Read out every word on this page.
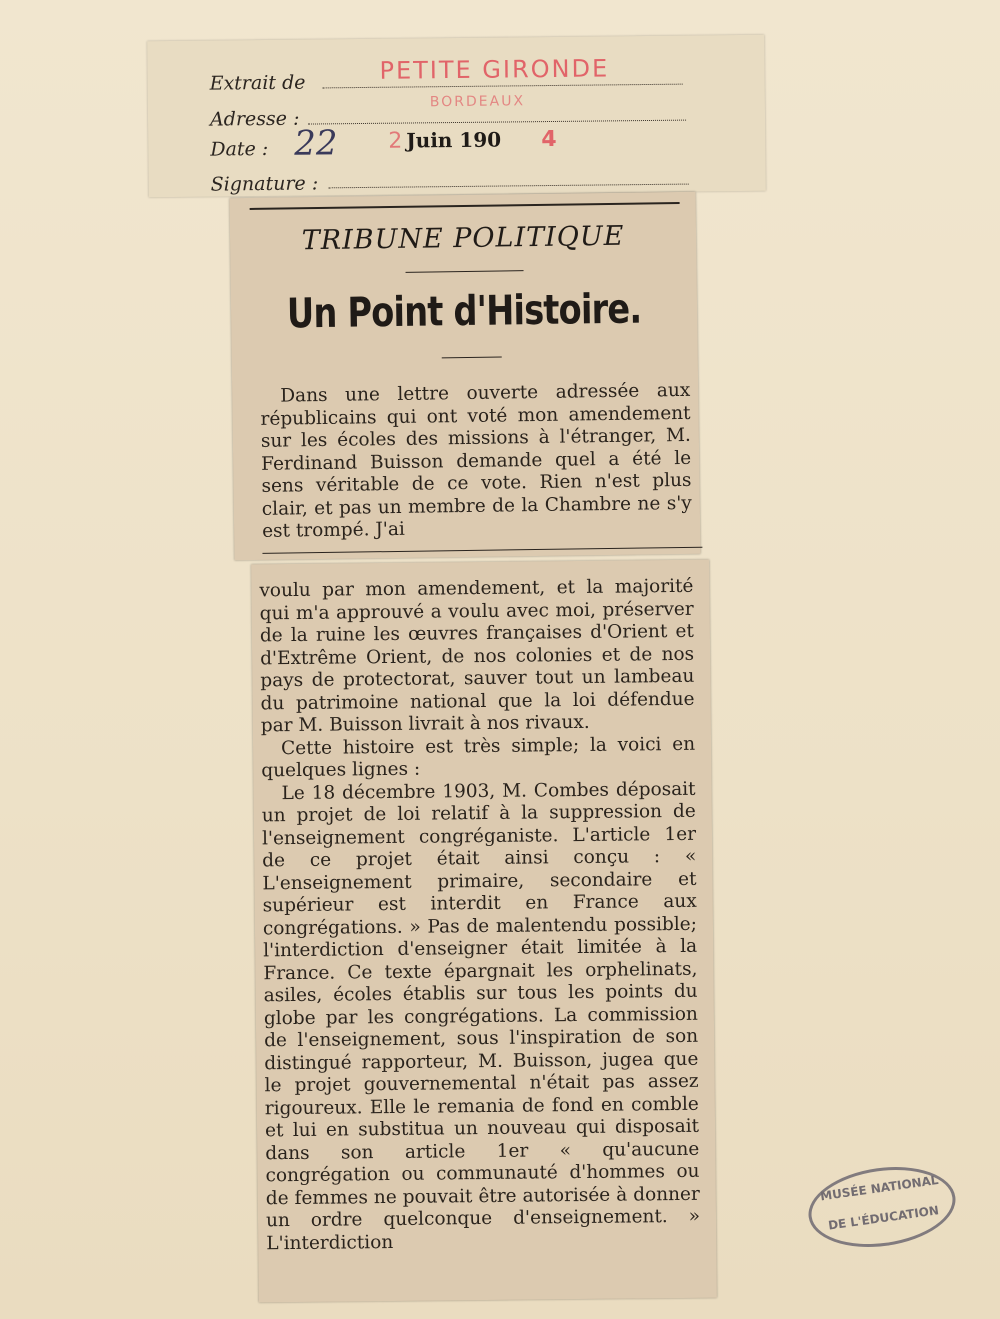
Extrait de	PETITE GIRONDE
Adresse :
BORDEAUX
Date : 22 2 Juin 190 4
Signature :
TRIBUNE POLITIQUE
Un Point d'Histoire.
Dans une lettre ouverte adressée aux républicains qui ont voté mon amendement sur les écoles des missions à l'étranger, M. Ferdinand Buisson demande quel a été le sens véritable de ce vote. Rien n'est plus clair, et pas un membre de la Chambre ne s'y est trompé. J'ai

voulu par mon amendement, et la majorité qui m'a approuvé a voulu avec moi, préserver de la ruine les œuvres françaises d'Orient et d'Extrême Orient, de nos colonies et de nos pays de protectorat, sauver tout un lambeau du patrimoine national que la loi défendue par M. Buisson livrait à nos rivaux.

Cette histoire est très simple; la voici en quelques lignes :

Le 18 décembre 1903, M. Combes déposait un projet de loi relatif à la suppression de l'enseignement congréganiste. L'article 1er de ce projet était ainsi conçu : « L'enseignement primaire, secondaire et supérieur est interdit en France aux congrégations. » Pas de malentendu possible; l'interdiction d'enseigner était limitée à la France. Ce texte épargnait les orphelinats, asiles, écoles établis sur tous les points du globe par les congrégations. La commission de l'enseignement, sous l'inspiration de son distingué rapporteur, M. Buisson, jugea que le projet gouvernemental n'était pas assez rigoureux. Elle le remania de fond en comble et lui en substitua un nouveau qui disposait dans son article 1er « qu'aucune congrégation ou communauté d'hommes ou de femmes ne pouvait être autorisée à donner un ordre quelconque d'enseignement. » L'interdiction

MUSÉE NATIONAL
DE L'ÉDUCATION
